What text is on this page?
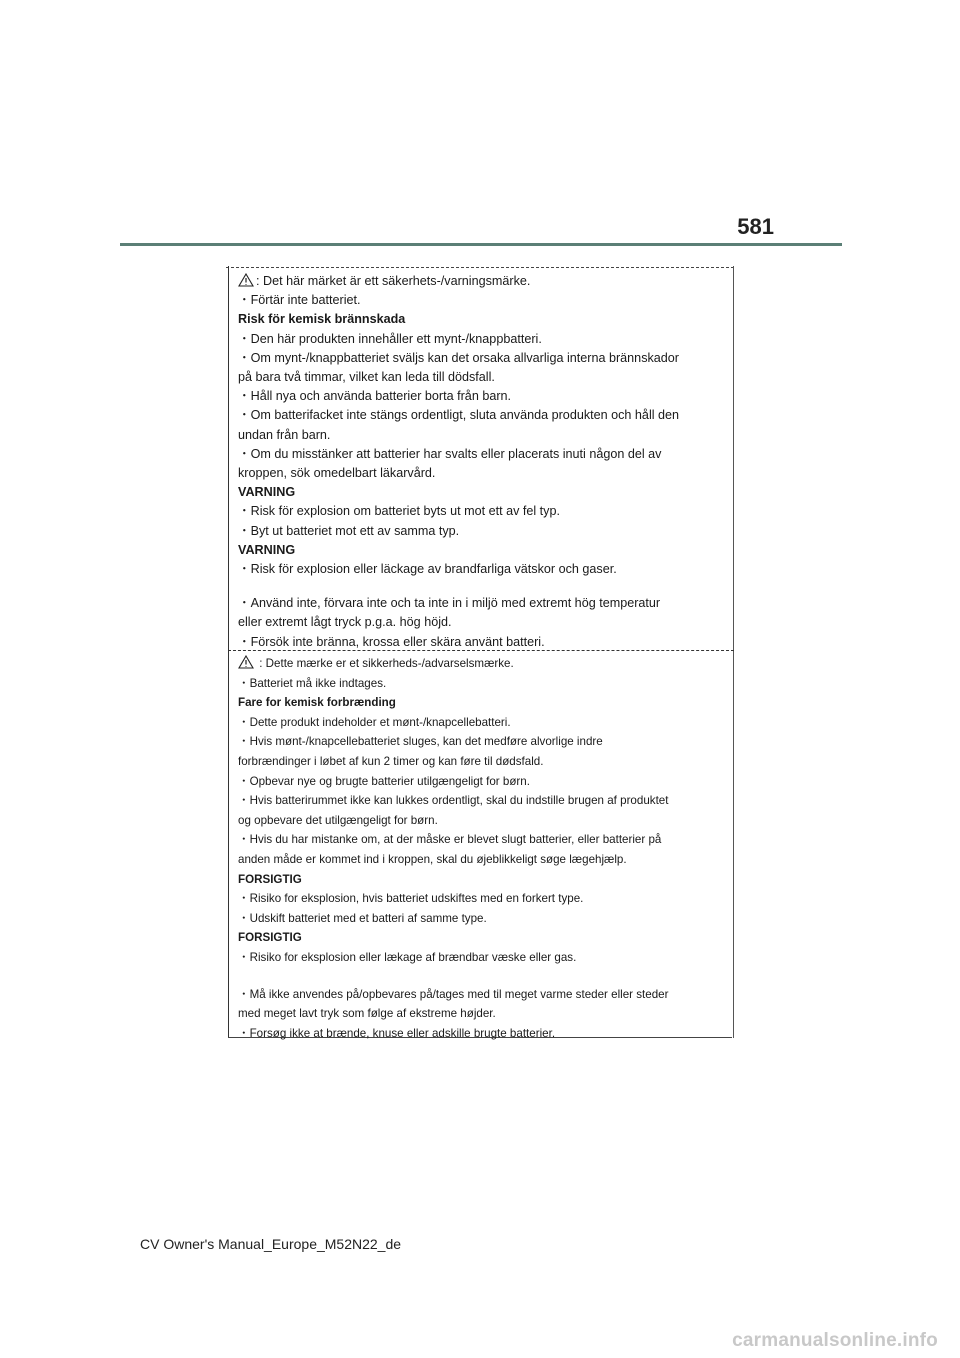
581

: Det här märket är ett säkerhets-/varningsmärke.

・Förtär inte batteriet.

Risk för kemisk brännskada

・Den här produkten innehåller ett mynt-/knappbatteri.

・Om mynt-/knappbatteriet sväljs kan det orsaka allvarliga interna brännskador

på bara två timmar, vilket kan leda till dödsfall.

・Håll nya och använda batterier borta från barn.

・Om batterifacket inte stängs ordentligt, sluta använda produkten och håll den

undan från barn.

・Om du misstänker att batterier har svalts eller placerats inuti någon del av

kroppen, sök omedelbart läkarvård.

VARNING

・Risk för explosion om batteriet byts ut mot ett av fel typ.

・Byt ut batteriet mot ett av samma typ.

VARNING

・Risk för explosion eller läckage av brandfarliga vätskor och gaser.

・Använd inte, förvara inte och ta inte in i miljö med extremt hög temperatur

eller extremt lågt tryck p.g.a. hög höjd.

・Försök inte bränna, krossa eller skära använt batteri.

: Dette mærke er et sikkerheds-/advarselsmærke.

・Batteriet må ikke indtages.

Fare for kemisk forbrænding

・Dette produkt indeholder et mønt-/knapcellebatteri.

・Hvis mønt-/knapcellebatteriet sluges, kan det medføre alvorlige indre

forbrændinger i løbet af kun 2 timer og kan føre til dødsfald.

・Opbevar nye og brugte batterier utilgængeligt for børn.

・Hvis batterirummet ikke kan lukkes ordentligt, skal du indstille brugen af produktet

og opbevare det utilgængeligt for børn.

・Hvis du har mistanke om, at der måske er blevet slugt batterier, eller batterier på

anden måde er kommet ind i kroppen, skal du øjeblikkeligt søge lægehjælp.

FORSIGTIG

・Risiko for eksplosion, hvis batteriet udskiftes med en forkert type.

・Udskift batteriet med et batteri af samme type.

FORSIGTIG

・Risiko for eksplosion eller lækage af brændbar væske eller gas.

・Må ikke anvendes på/opbevares på/tages med til meget varme steder eller steder

med meget lavt tryk som følge af ekstreme højder.

・Forsøg ikke at brænde, knuse eller adskille brugte batterier.

CV Owner's Manual_Europe_M52N22_de
carmanualsonline.info
